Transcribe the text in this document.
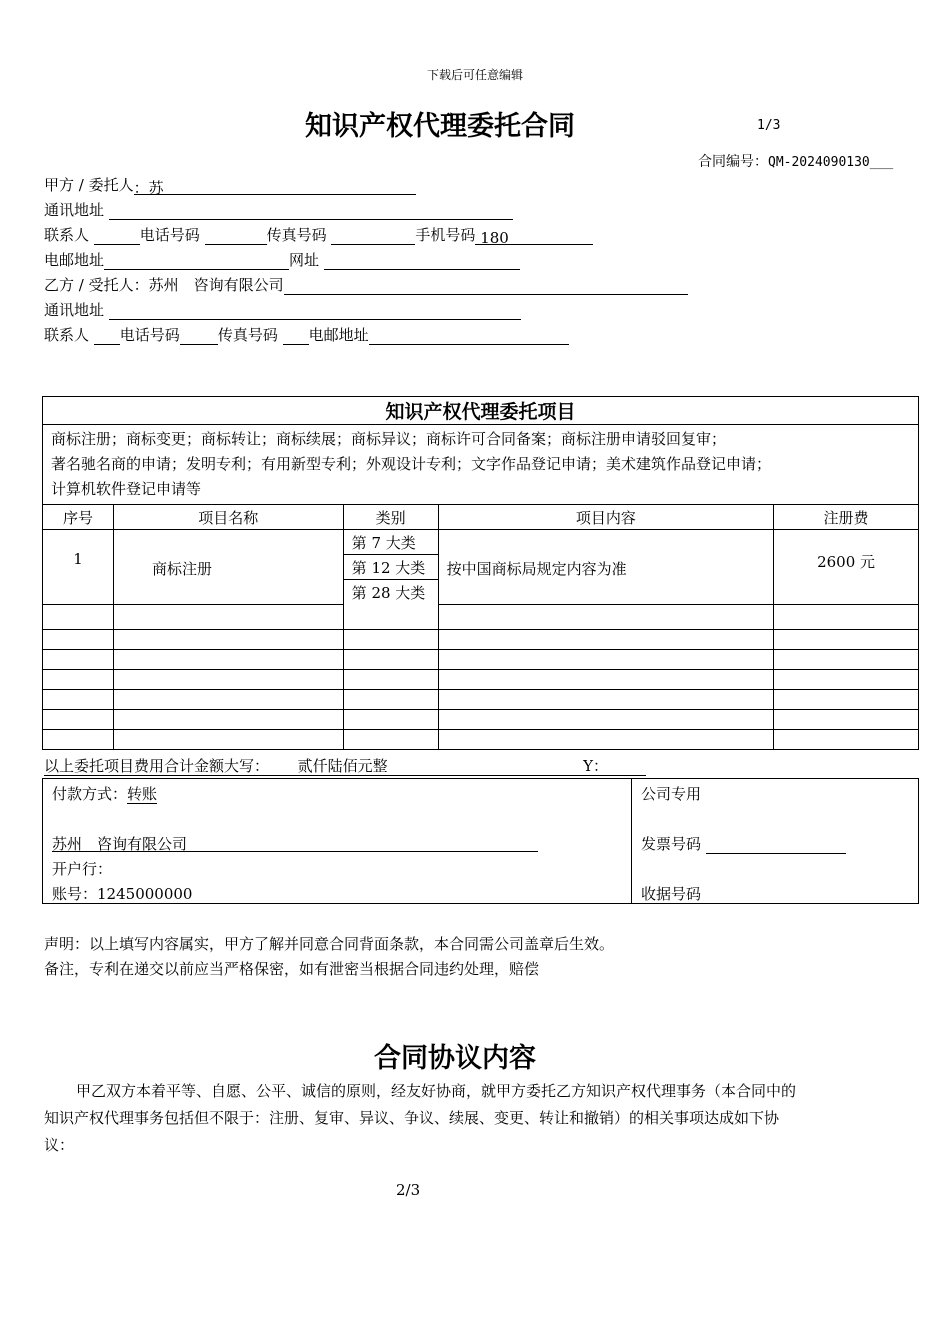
下载后可任意编辑
知识产权代理委托合同	1/3
合同编号：QM-2024090130___
甲方 / 委托人：苏
通讯地址
联系人	电话号码	传真号码	手机号码 180
电邮地址	网址
乙方 / 受托人：苏州　咨询有限公司
通讯地址
联系人 电话号码	传真号码 电邮地址
知识产权代理委托项目				

商标注册；商标变更；商标转让；商标续展；商标异议；商标许可合同备案；商标注册申请驳回复审；
著名驰名商的申请；发明专利；有用新型专利；外观设计专利；文字作品登记申请；美术建筑作品登记申请；
计算机软件登记申请等				

序号	项目名称	类别	项目内容	注册费
1	商标注册	第 7 大类	按中国商标局规定内容为准	2600 元
		第 12 大类		
		第 28 大类		

以上委托项目费用合计金额大写： 贰仟陆佰元整	Y：
付款方式：转账
苏州　咨询有限公司
开户行：
账号：1245000000
公司专用
发票号码
收据号码
声明：以上填写内容属实，甲方了解并同意合同背面条款，本合同需公司盖章后生效。
备注，专利在递交以前应当严格保密，如有泄密当根据合同违约处理，赔偿
合同协议内容
甲乙双方本着平等、自愿、公平、诚信的原则，经友好协商，就甲方委托乙方知识产权代理事务（本合同中的知识产权代理事务包括但不限于：注册、复审、异议、争议、续展、变更、转让和撤销）的相关事项达成如下协议：
2/3
